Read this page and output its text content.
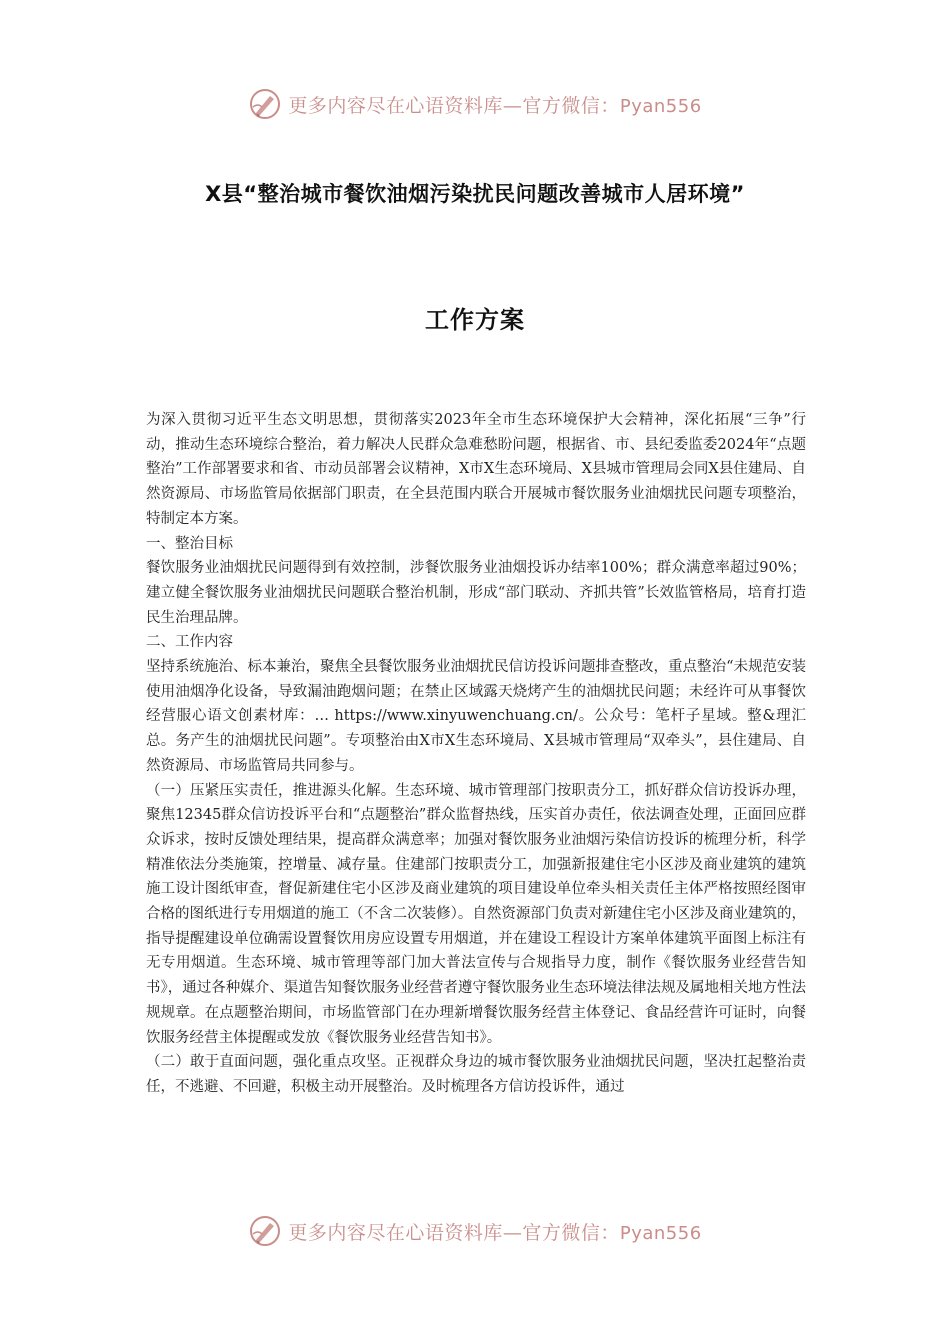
更多内容尽在心语资料库—官方微信：Pyan556
X县“整治城市餐饮油烟污染扰民问题改善城市人居环境”
工作方案

为深入贯彻习近平生态文明思想，贯彻落实2023年全市生态环境保护大会精神，深化拓展“三争”行动，推动生态环境综合整治，着力解决人民群众急难愁盼问题，根据省、市、县纪委监委2024年“点题整治”工作部署要求和省、市动员部署会议精神，X市X生态环境局、X县城市管理局会同X县住建局、自然资源局、市场监管局依据部门职责，在全县范围内联合开展城市餐饮服务业油烟扰民问题专项整治，特制定本方案。

一、整治目标

餐饮服务业油烟扰民问题得到有效控制，涉餐饮服务业油烟投诉办结率100%；群众满意率超过90%；建立健全餐饮服务业油烟扰民问题联合整治机制，形成“部门联动、齐抓共管”长效监管格局，培育打造民生治理品牌。

二、工作内容

坚持系统施治、标本兼治，聚焦全县餐饮服务业油烟扰民信访投诉问题排查整改，重点整治“未规范安装使用油烟净化设备，导致漏油跑烟问题；在禁止区域露天烧烤产生的油烟扰民问题；未经许可从事餐饮经营服心语文创素材库：… https://www.xinyuwenchuang.cn/。公众号：笔杆子星域。整&理汇总。务产生的油烟扰民问题”。专项整治由X市X生态环境局、X县城市管理局“双牵头”，县住建局、自然资源局、市场监管局共同参与。

（一）压紧压实责任，推进源头化解。生态环境、城市管理部门按职责分工，抓好群众信访投诉办理，聚焦12345群众信访投诉平台和“点题整治”群众监督热线，压实首办责任，依法调查处理，正面回应群众诉求，按时反馈处理结果，提高群众满意率；加强对餐饮服务业油烟污染信访投诉的梳理分析，科学精准依法分类施策，控增量、减存量。住建部门按职责分工，加强新报建住宅小区涉及商业建筑的建筑施工设计图纸审查，督促新建住宅小区涉及商业建筑的项目建设单位牵头相关责任主体严格按照经图审合格的图纸进行专用烟道的施工（不含二次装修）。自然资源部门负责对新建住宅小区涉及商业建筑的，指导提醒建设单位确需设置餐饮用房应设置专用烟道，并在建设工程设计方案单体建筑平面图上标注有无专用烟道。生态环境、城市管理等部门加大普法宣传与合规指导力度，制作《餐饮服务业经营告知书》，通过各种媒介、渠道告知餐饮服务业经营者遵守餐饮服务业生态环境法律法规及属地相关地方性法规规章。在点题整治期间，市场监管部门在办理新增餐饮服务经营主体登记、食品经营许可证时，向餐饮服务经营主体提醒或发放《餐饮服务业经营告知书》。

（二）敢于直面问题，强化重点攻坚。正视群众身边的城市餐饮服务业油烟扰民问题，坚决扛起整治责任，不逃避、不回避，积极主动开展整治。及时梳理各方信访投诉件，通过

更多内容尽在心语资料库—官方微信：Pyan556
